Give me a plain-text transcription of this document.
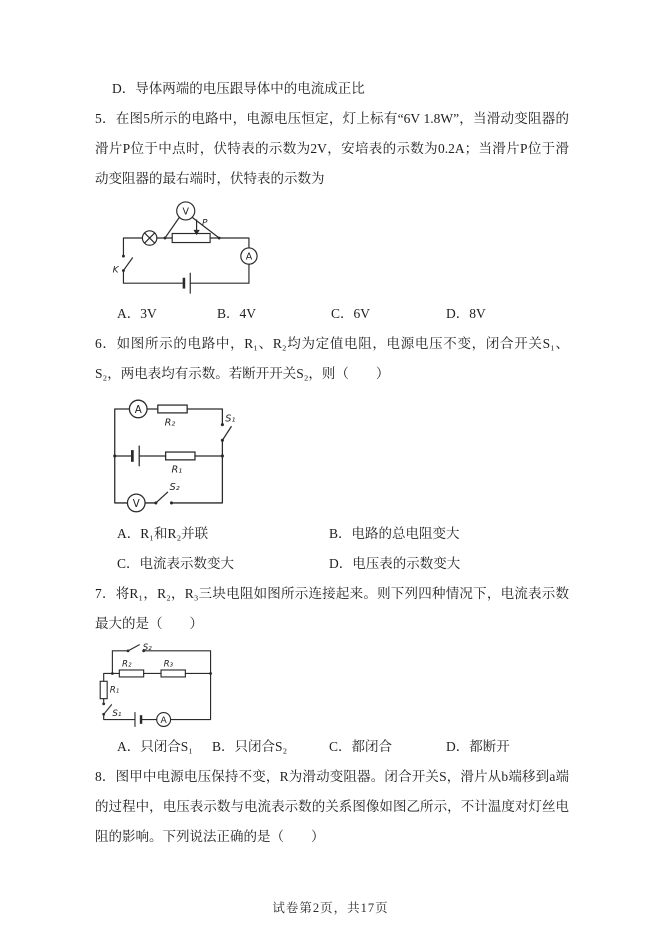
D．导体两端的电压跟导体中的电流成正比

5．在图5所示的电路中，电源电压恒定，灯上标有“6V 1.8W”，当滑动变阻器的滑片P位于中点时，伏特表的示数为2V，安培表的示数为0.2A；当滑片P位于滑动变阻器的最右端时，伏特表的示数为

P
V
A
K
A．3V	B．4V	C．6V	D．8V

6．如图所示的电路中，R₁、R₂均为定值电阻，电源电压不变，闭合开关S₁、S₂，两电表均有示数。若断开开关S₂，则（　　）

A
R₂	S₁
R₁
V
S₂
A．R₁和R₂并联	B．电路的总电阻变大
C．电流表示数变大	D．电压表的示数变大

7．将R₁，R₂，R₃三块电阻如图所示连接起来。则下列四种情况下，电流表示数最大的是（　　）

S₂
R₂	R₃
R₁
S₁
A
A．只闭合S₁ B．只闭合S₂	C．都闭合	D．都断开

8．图甲中电源电压保持不变，R为滑动变阻器。闭合开关S，滑片从b端移到a端的过程中，电压表示数与电流表示数的关系图像如图乙所示，不计温度对灯丝电阻的影响。下列说法正确的是（　　）

试卷第2页，共17页
